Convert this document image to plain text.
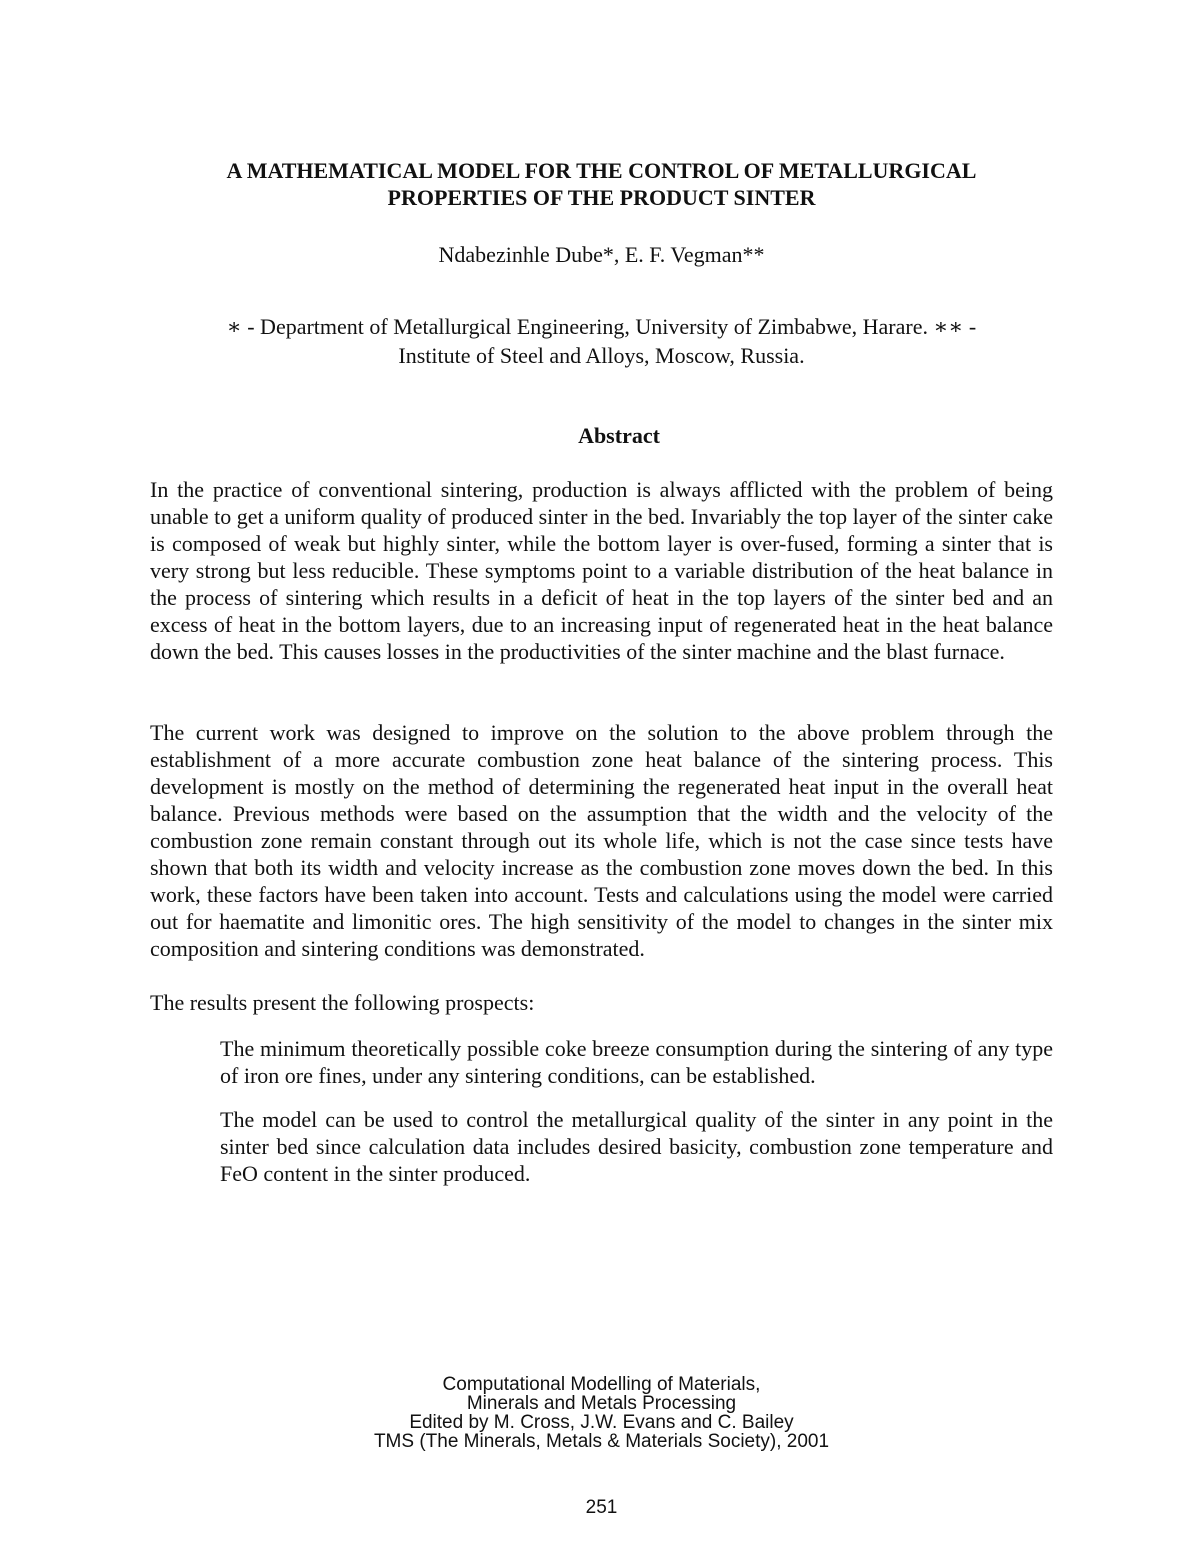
A MATHEMATICAL MODEL FOR THE CONTROL OF METALLURGICAL
PROPERTIES OF THE PRODUCT SINTER

Ndabezinhle Dube*, E. F. Vegman**

∗ - Department of Metallurgical Engineering, University of Zimbabwe, Harare. ∗∗ -
Institute of Steel and Alloys, Moscow, Russia.

Abstract

In the practice of conventional sintering, production is always afflicted with the problem of being unable to get a uniform quality of produced sinter in the bed. Invariably the top layer of the sinter cake is composed of weak but highly sinter, while the bottom layer is over-fused, forming a sinter that is very strong but less reducible. These symptoms point to a variable distribution of the heat balance in the process of sintering which results in a deficit of heat in the top layers of the sinter bed and an excess of heat in the bottom layers, due to an increasing input of regenerated heat in the heat balance down the bed. This causes losses in the productivities of the sinter machine and the blast furnace.

The current work was designed to improve on the solution to the above problem through the establishment of a more accurate combustion zone heat balance of the sintering process. This development is mostly on the method of determining the regenerated heat input in the overall heat balance. Previous methods were based on the assumption that the width and the velocity of the combustion zone remain constant through out its whole life, which is not the case since tests have shown that both its width and velocity increase as the combustion zone moves down the bed. In this work, these factors have been taken into account. Tests and calculations using the model were carried out for haematite and limonitic ores. The high sensitivity of the model to changes in the sinter mix composition and sintering conditions was demonstrated.

The results present the following prospects:

The minimum theoretically possible coke breeze consumption during the sintering of any type of iron ore fines, under any sintering conditions, can be established.

The model can be used to control the metallurgical quality of the sinter in any point in the sinter bed since calculation data includes desired basicity, combustion zone temperature and FeO content in the sinter produced.

Computational Modelling of Materials,
Minerals and Metals Processing
Edited by M. Cross, J.W. Evans and C. Bailey
TMS (The Minerals, Metals & Materials Society), 2001
251
